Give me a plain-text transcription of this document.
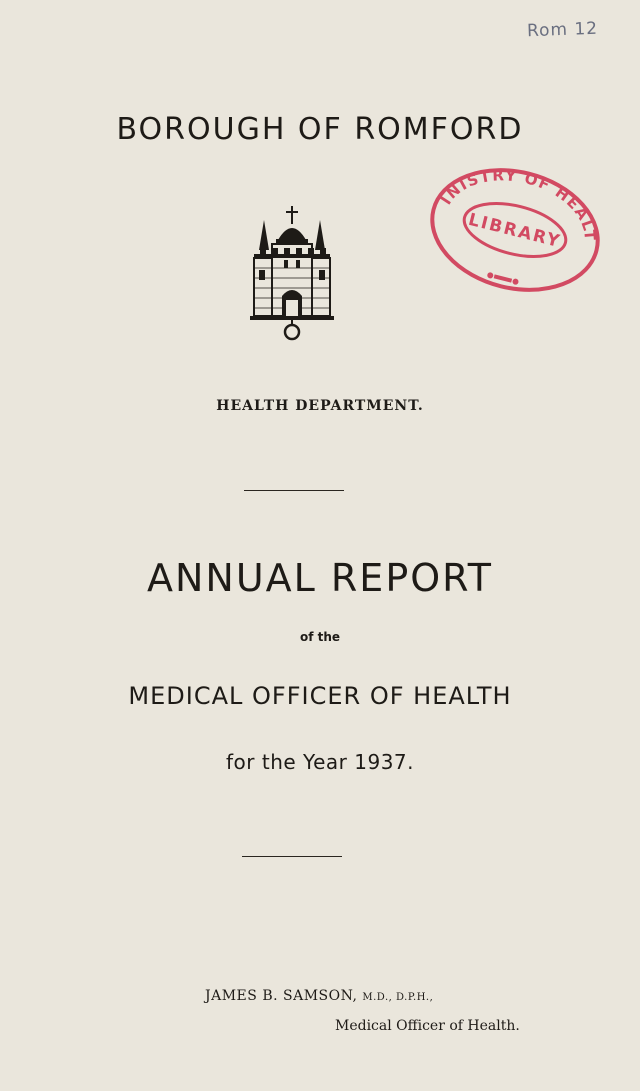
Rom 12
BOROUGH OF ROMFORD
MINISTRY OF HEALTH
LIBRARY
HEALTH DEPARTMENT.
ANNUAL REPORT
of the
MEDICAL OFFICER OF HEALTH
for the Year 1937.
JAMES B. SAMSON, M.D., D.P.H.,
Medical Officer of Health.
